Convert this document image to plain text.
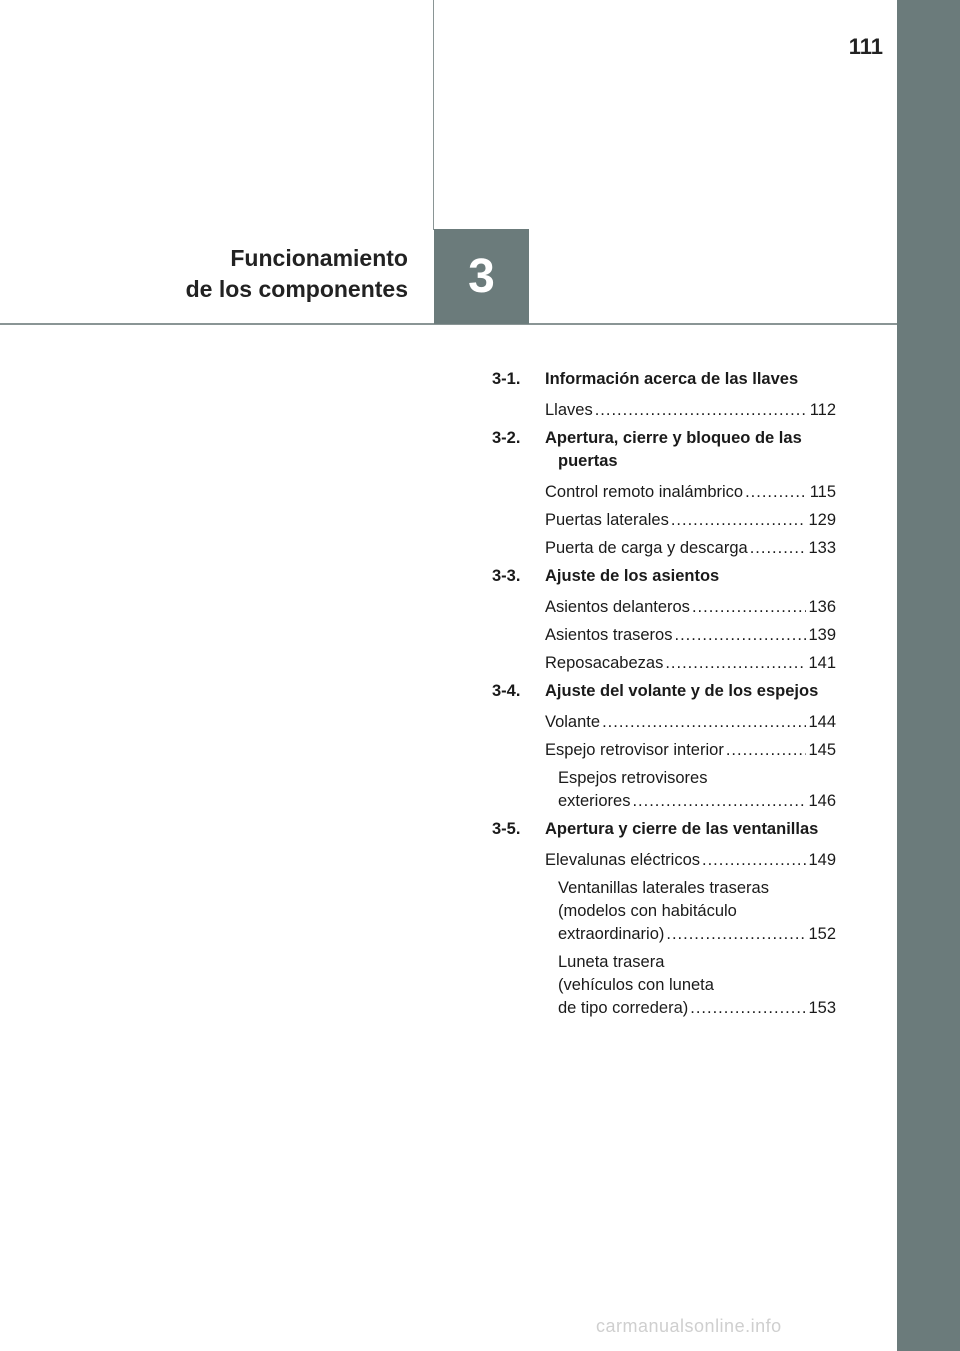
111
Funcionamiento
de los componentes	3
3-1. Información acerca de las llaves
Llaves .....	112
3-2. Apertura, cierre y bloqueo de las puertas
Control remoto inalámbrico .....	115
Puertas laterales .....	129
Puerta de carga y descarga .....	133
3-3. Ajuste de los asientos
Asientos delanteros .....	136
Asientos traseros .....	139
Reposacabezas .....	141
3-4. Ajuste del volante y de los espejos
Volante .....	144
Espejo retrovisor interior .....	145
Espejos retrovisores
exteriores .....	146
3-5. Apertura y cierre de las ventanillas
Elevalunas eléctricos .....	149
Ventanillas laterales traseras
(modelos con habitáculo
extraordinario) .....	152
Luneta trasera
(vehículos con luneta
de tipo corredera) .....	153
carmanualsonline.info
